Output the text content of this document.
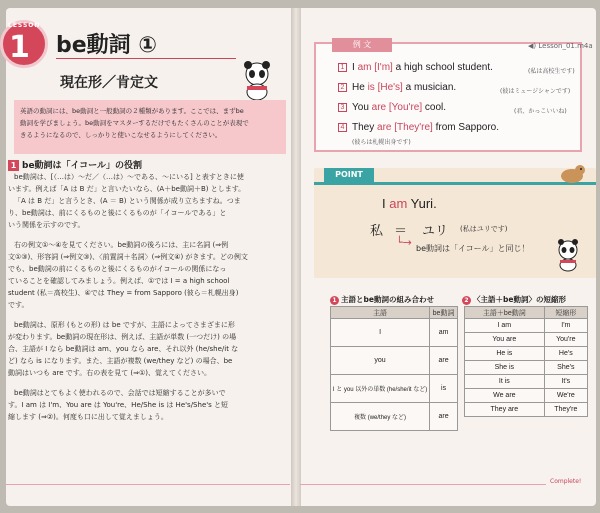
LESSON
1 be動詞 ①
現在形／肯定文
英語の動詞には、be動詞と一般動詞の２種類があります。ここでは、まずbe
動詞を学びましょう。be動詞をマスターするだけでもたくさんのことが表現で
きるようになるので、しっかりと使いこなせるようにしてください。
1 be動詞は「イコール」の役割
be動詞は、[（…は）～だ／（…は）～である、～にいる] と表すときに使
います。例えば「A は B だ」と言いたいなら、(A＋be動詞＋B) とします。
「A は B だ」と言うとき、(A ＝ B) という関係が成り立ちますね。つま
り、be動詞は、前にくるものと後にくるものが「イコールである」と
いう関係を示すのです。
右の例文①～④を見てください。be動詞の後ろには、主に名詞 (⇒例
文①③)、形容詞 (⇒例文③)、〈前置詞＋名詞〉(⇒例文④) がきます。どの例文
でも、be動詞の前にくるものと後にくるものがイコールの関係になっ
ていることを確認してみましょう。例えば、①では I = a high school
student (私＝高校生)、④では They = from Sapporo (彼ら＝札幌出身)
です。
be動詞は、原形 (もとの形) は be ですが、主語によってさまざまに形
が変わります。be動詞の現在形は、例えば、主語が単数 (一つだけ) の場
合、主語が I なら be動詞は am、you なら are、それ以外 (he/she/it な
ど) なら is になります。また、主語が複数 (we/they など) の場合、be
動詞はいつも are です。右の表を見て (⇒①)、覚えてください。
be動詞はとてもよく使われるので、会話では短縮することが多いで
す。I am は I'm、You are は You're、He/She is は He's/She's と短
縮します (⇒②)。何度も口に出して覚えましょう。
例 文	◀) Lesson_01.m4a
1 I am [I'm] a high school student.	(私は高校生です)
2 He is [He's] a musician.	(彼はミュージシャンです)
3 You are [You're] cool.	(君、かっこいいね)
4 They are [They're] from Sapporo.
(彼らは札幌出身です)
POINT
I am Yuri.
私 ＝ ユリ (私はユリです)
└→ be動詞は「イコール」と同じ！
1 主語とbe動詞の組み合わせ
主語	be動詞
I	am
you	are
I と you 以外の単数 (he/she/it など)	is
複数 (we/they など)	are
2 〈主語＋be動詞〉の短縮形
主語＋be動詞	短縮形
I am	I'm
You are	You're
He is	He's
She is	She's
It is	It's
We are	We're
They are	They're
Complete!
